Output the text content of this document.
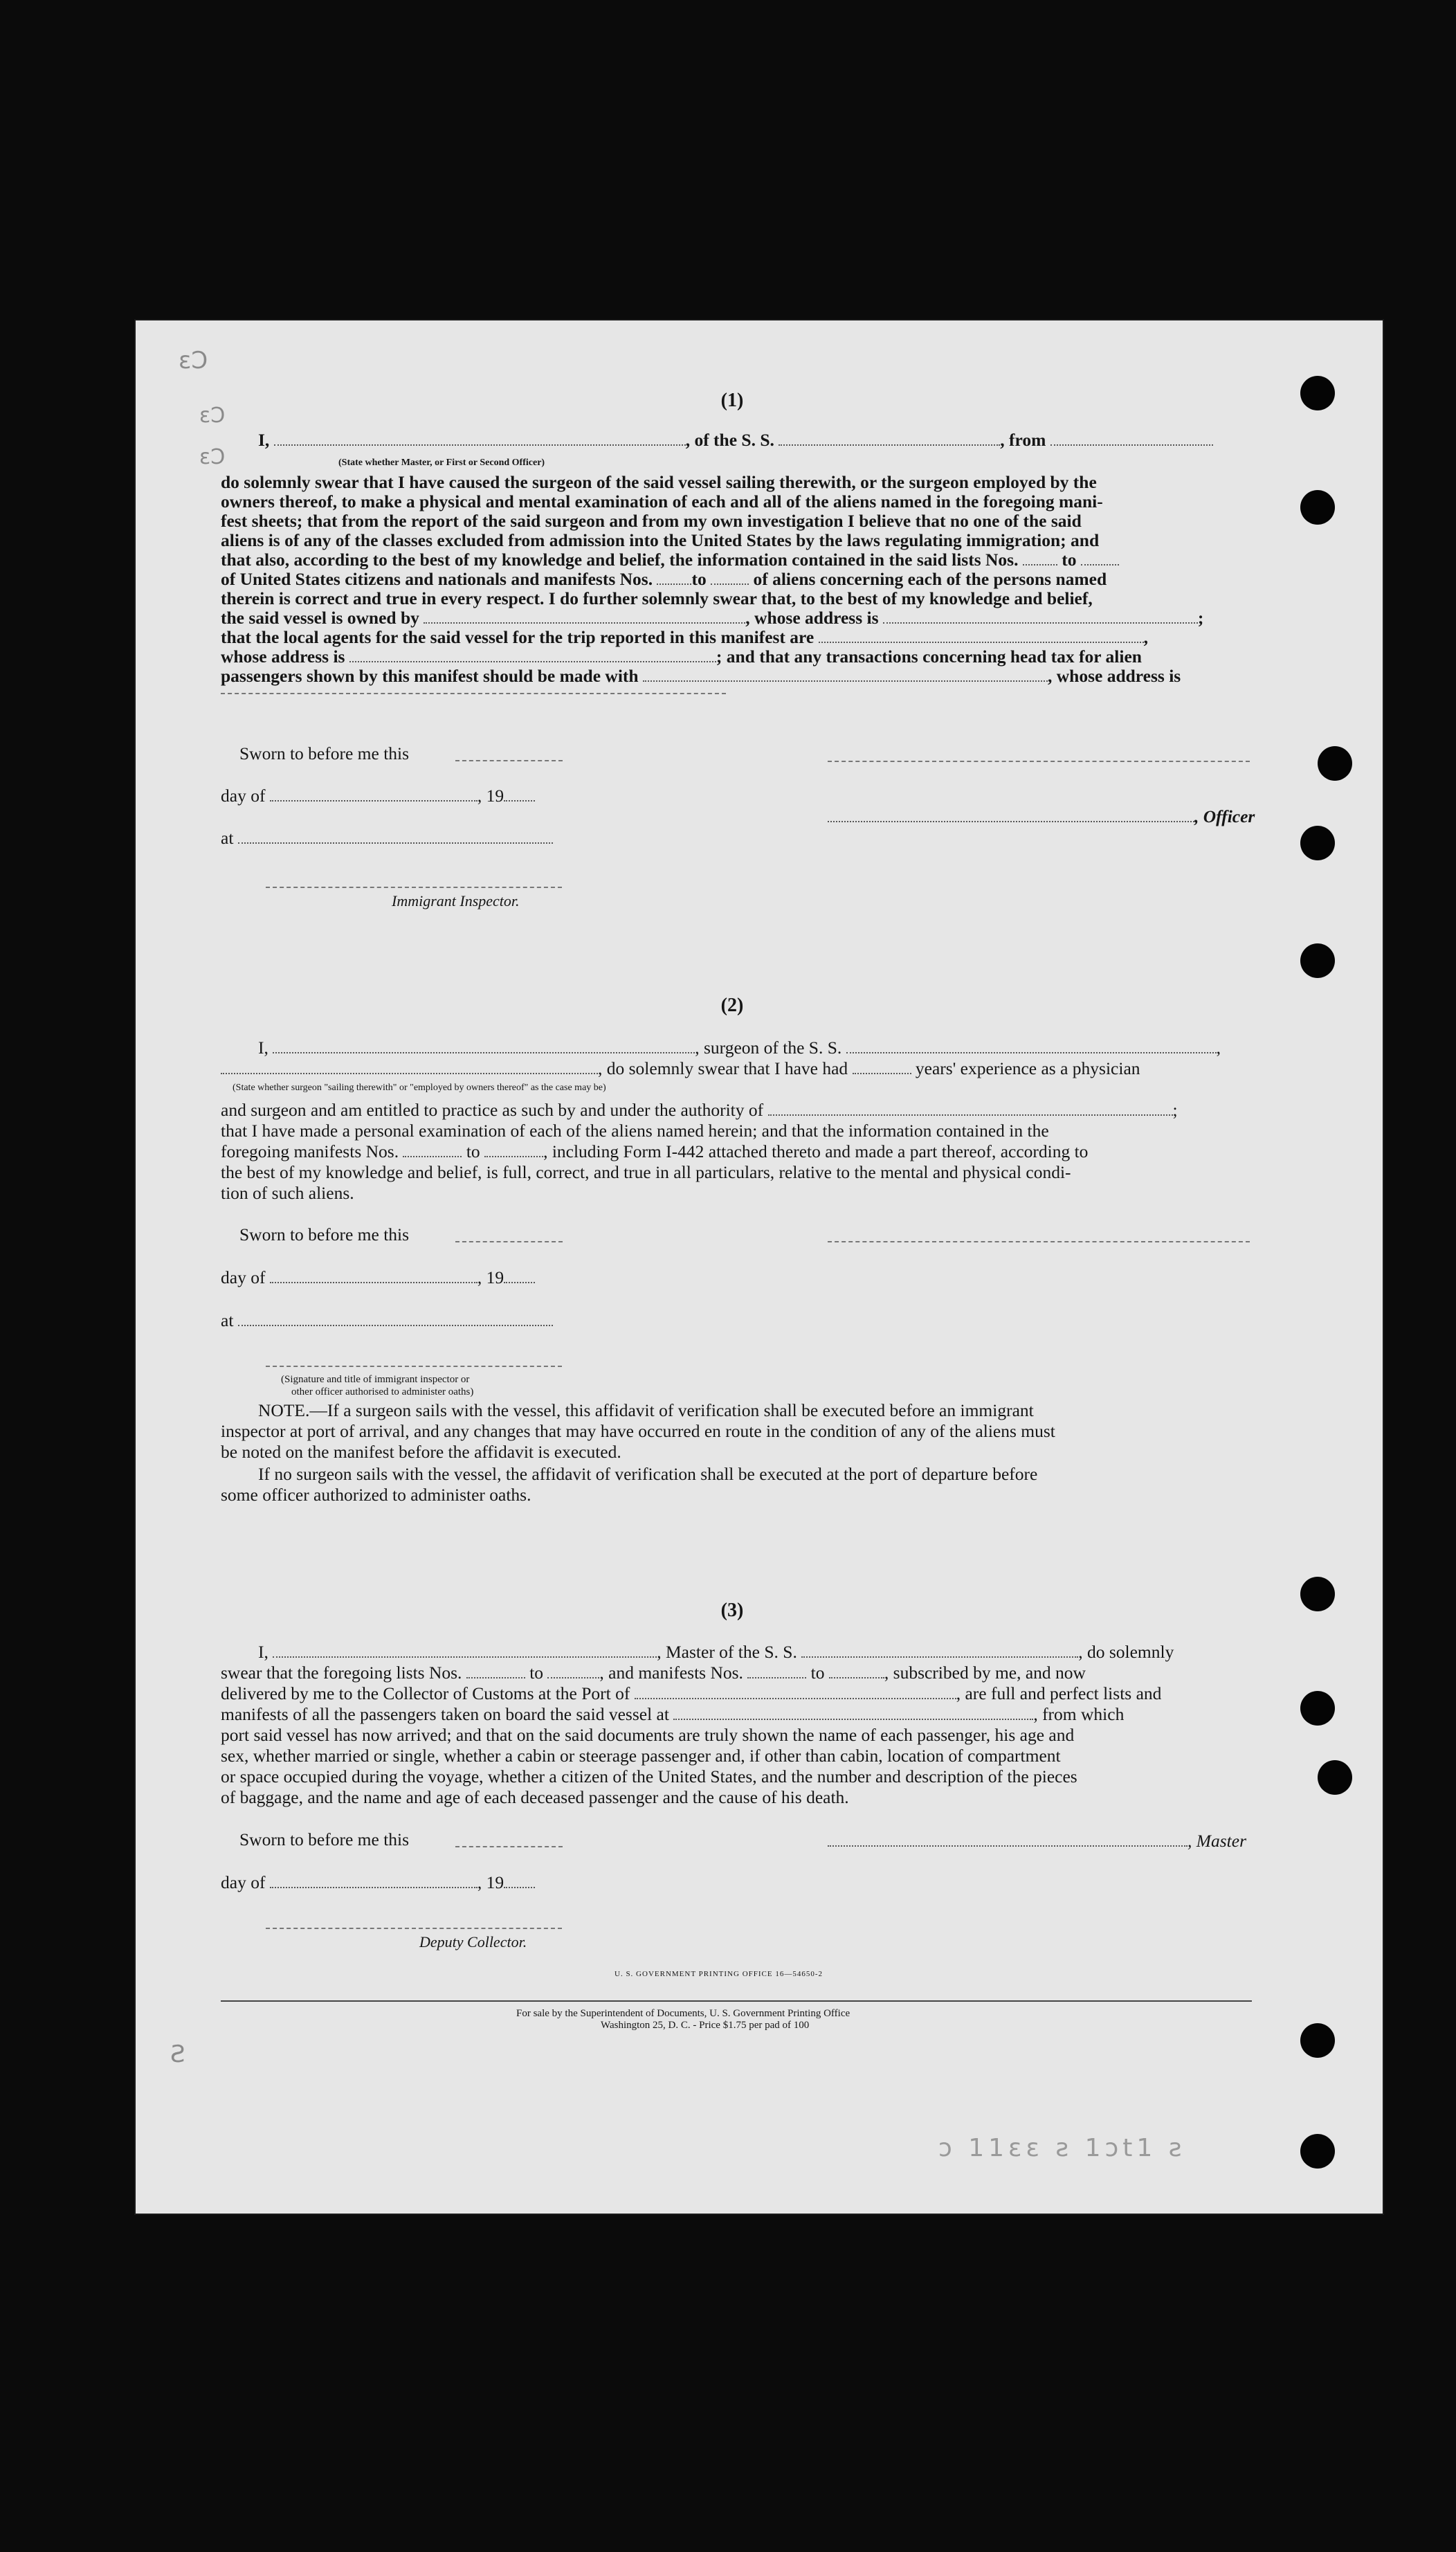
ɛƆ
ɛƆ
ɛƆ
(1)
I,	, of the S. S.	, from
(State whether Master, or First or Second Officer)
do solemnly swear that I have caused the surgeon of the said vessel sailing therewith, or the surgeon employed by the
owners thereof, to make a physical and mental examination of each and all of the aliens named in the foregoing mani-
fest sheets; that from the report of the said surgeon and from my own investigation I believe that no one of the said
aliens is of any of the classes excluded from admission into the United States by the laws regulating immigration; and
that also, according to the best of my knowledge and belief, the information contained in the said lists Nos. to
of United States citizens and nationals and manifests Nos. to	of aliens concerning each of the persons named
therein is correct and true in every respect. I do further solemnly swear that, to the best of my knowledge and belief,
the said vessel is owned by	, whose address is	;
that the local agents for the said vessel for the trip reported in this manifest are	,
whose address is	; and that any transactions concerning head tax for alien
passengers shown by this manifest should be made with	, whose address is
Sworn to before me this
day of	, 19
at
Immigrant Inspector.
, Officer
(2)
I,	, surgeon of the S. S.	,
, do solemnly swear that I have had	years' experience as a physician
(State whether surgeon "sailing therewith" or "employed by owners thereof" as the case may be)
and surgeon and am entitled to practice as such by and under the authority of	;
that I have made a personal examination of each of the aliens named herein; and that the information contained in the
foregoing manifests Nos.	to	, including Form I-442 attached thereto and made a part thereof, according to
the best of my knowledge and belief, is full, correct, and true in all particulars, relative to the mental and physical condi-
tion of such aliens.
Sworn to before me this
day of	, 19
at
(Signature and title of immigrant inspector or
other officer authorised to administer oaths)
NOTE.—If a surgeon sails with the vessel, this affidavit of verification shall be executed before an immigrant
inspector at port of arrival, and any changes that may have occurred en route in the condition of any of the aliens must
be noted on the manifest before the affidavit is executed.
If no surgeon sails with the vessel, the affidavit of verification shall be executed at the port of departure before
some officer authorized to administer oaths.
(3)
I,	, Master of the S. S.	, do solemnly
swear that the foregoing lists Nos.	to	, and manifests Nos.	to	, subscribed by me, and now
delivered by me to the Collector of Customs at the Port of	, are full and perfect lists and
manifests of all the passengers taken on board the said vessel at	, from which
port said vessel has now arrived; and that on the said documents are truly shown the name of each passenger, his age and
sex, whether married or single, whether a cabin or steerage passenger and, if other than cabin, location of compartment
or space occupied during the voyage, whether a citizen of the United States, and the number and description of the pieces
of baggage, and the name and age of each deceased passenger and the cause of his death.
Sworn to before me this	, Master
day of	, 19
Deputy Collector.
U. S. GOVERNMENT PRINTING OFFICE 16—54650-2
For sale by the Superintendent of Documents, U. S. Government Printing Office
Washington 25, D. C. - Price $1.75 per pad of 100
ɔ 11ɛɛ ƨ 1ɔt1 ƨ
Ƨ
